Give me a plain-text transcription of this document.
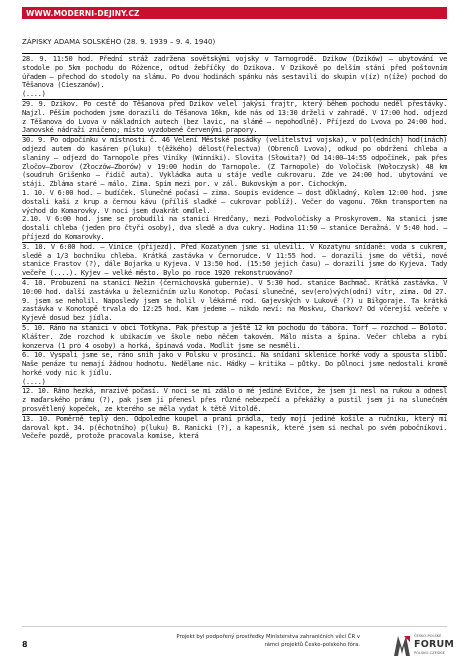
WWW.MODERNI-DEJINY.CZ
ZÁPISKY ADAMA SOLSKÉHO (28. 9. 1939 – 9. 4. 1940)

28. 9. 11:50 hod. Přední stráž zadržena sovětskými vojsky v Tarnogrodě. Dzikow (Dzików) – ubytování ve stodole po 5km pochodu do Różence, odtud žebříčky do Dzikova. V Dzikově po delším stání před poštovním úřadem – přechod do stodoly na slámu. Po dvou hodinách spánku nás sestavili do skupin v(íz) n(íže) pochod do Těšanova (Cieszanów).

(....)

29. 9. Dzikov. Po cestě do Těšanova před Dzikov velel jakýsi frajtr, který během pochodu neděl přestávky. Najzl. Pěším pochodem jsme dorazili do Těšanova 16km, kde nás od 13:30 drželi v zahradě. V 17:00 hod. odjezd z Těšanova do Lvova v nákladních autech (bez lavic, na slámě – nepohodlně). Příjezd do Lvova po 24:00 hod. Janovské nádraží zničeno; místo vyzdobené červenými prapory.

30. 9. Po odpočinku v místnosti č. 46 Velení Městské posádky (velitelství vojska), v pol(edních) hod(inách) odjezd autem do kasáren p(luku) t(ěžkého) dělost(řelectva) (Obrenců Lvova), odkud po obdržení chleba a slaniny – odjezd do Tarnopole přes Viníky (Winniki). Slovita (Słowita?) Od 14:00–14:55 odpočinek, pak přes Zločov–Zborov (Złoczów–Zborów) v 19:00 hodin do Tarnopole. (Z Tarnopole) do Voločisk (Wołoczysk) 48 km (soudruh Grišenko – řidič auta). Vykládka auta u stáje vedle cukrovaru. Zde ve 24:00 hod. ubytování ve stáji. Zbláma staré – málo. Zima. Spím mezi por. v zál. Bukovským a por. Cichockým.

1. 10. V 6:00 hod. – budíček. Slunečné počasí – zima. Soupis evidence – dost důkladný. Kolem 12:00 hod. jsme dostali kaši z krup a černou kávu (příliš sladké – cukrovar poblíž). Večer do vagonu. 76km transportem na východ do Komarovky. V noci jsem dvakrát omdlel.

2.10. V 6:00 hod. jsme se probudili na stanici Hredčany, mezi Podvoločisky a Proskyrovem. Na stanici jsme dostali chleba (jeden pro čtyři osoby), dva sledě a dva cukry. Hodina 11:50 – stanice Deražná. V 5:40 hod. – příjezd do Komarovky.

3. 10. V 6:00 hod. – Vinice (přijezd). Před Kozatynem jsme si ulevili. V Kozatynu snídaně: voda s cukrem, sledě a 1/3 bochníku chleba. Krátká zastávka v Černorudce. V 11:55 hod. – dorazili jsme do větší, nové stanice Frastov (?), dále Bojarka u Kyjeva. V 13:50 hod. (15:50 jejich času) – dorazili jsme do Kyjeva. Tady večeře (....). Kyjev – velké město. Bylo po roce 1920 rekonstruováno?

4. 10. Probuzení na stanici Nežin (černichovská gubernie). V 5:30 hod. stanice Bachmač. Krátká zastávka. V 10:00 hod. další zastávka u železničním uzlu Konotop. Počasí slunečné, sev(ero)vých(odní) vítr, zima. Od 27. 9. jsem se neholil. Naposledy jsem se holil v lékárně rod. Gajevských v Lukově (?) u Biłgoraje. Ta krátká zastávka v Konotopě trvala do 12:25 hod. Kam jedeme – nikdo neví: na Moskvu, Charkov? Od včerejší večeře v Kyjevě dosud bez jídla.

5. 10. Ráno na stanici v obci Ťotkyna. Pak přestup a ještě 12 km pochodu do tábora. Torf – rozchod – Bolotо. Klášter. Zde rozchod k ubikacím ve škole nebo něčem takovém. Málo místa a špína. Večer chleba a rybí konzerva (1 pro 4 osoby) a horká, špinavá voda. Modlit jsme se nesměli.

6. 10. Vyspali jsme se, ráno snih jako v Polsku v prosinci. Na snídani sklenice horké vody a spousta slibů. Naše penáze tu nemají žádnou hodnotu. Nedělame nic. Hádky – kritika – půtky. Do půlnoci jsme nedostali kromě horké vody nic k jídlu.

(....)

12. 10. Ráno hezká, mrazivé počasí. V noci se mi zdálo o mé jediné Evičce, že jsem ji nesl na rukou a odnesl z maďarského prámu (?), pak jsem ji přenesl přes různé nebezpečí a překážky a pustil jsem ji na slunečném prosvětlený kopeček, ze kterého se měla vydat k tětě Vitoldě.

13. 10. Poměrně teplý den. Odpoledne koupel a praní prádla, tedy mojí jediné košile a ručníku, který mi daroval kpt. 34. p(ěchotního) p(luku) B. Ranicki (?), a kapesník, které jsem si nechal po svém pobočníkovi. Večeře pozdě, protože pracovala komise, která

8
Projekt byl podpořený prostředky Ministerstva zahraničních věcí ČR v rámci projektů Česko-polského fóra.
ČESKO-POLSKÉ
FORUM
POLSKO-CZESKIE
